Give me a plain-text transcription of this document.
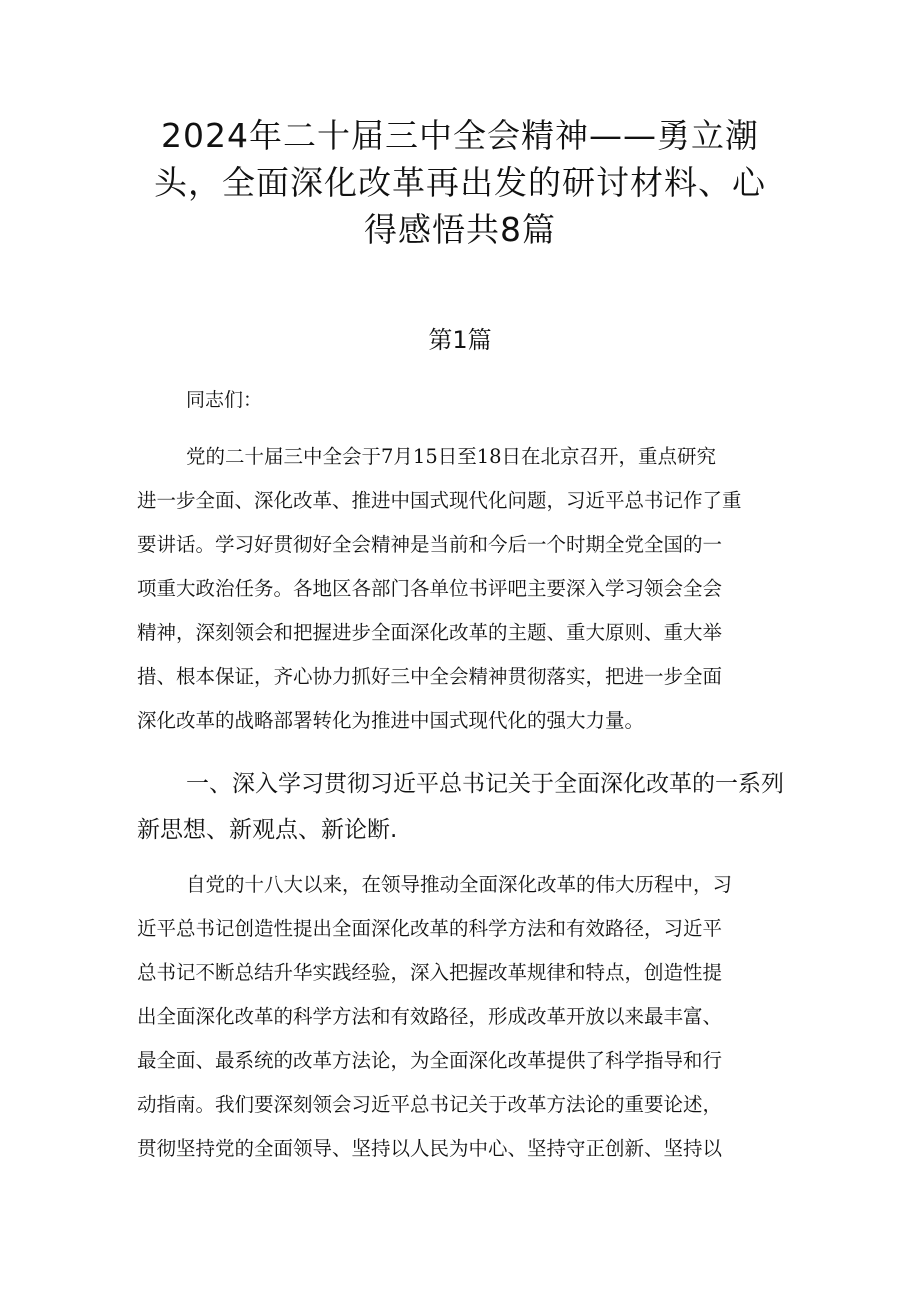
2024年二十届三中全会精神——勇立潮
头，全面深化改革再出发的研讨材料、心
得感悟共8篇
第1篇

同志们：

党的二十届三中全会于7月15日至18日在北京召开，重点研究

进一步全面、深化改革、推进中国式现代化问题，习近平总书记作了重

要讲话。学习好贯彻好全会精神是当前和今后一个时期全党全国的一

项重大政治任务。各地区各部门各单位书评吧主要深入学习领会全会

精神，深刻领会和把握进步全面深化改革的主题、重大原则、重大举

措、根本保证，齐心协力抓好三中全会精神贯彻落实，把进一步全面

深化改革的战略部署转化为推进中国式现代化的强大力量。

一、深入学习贯彻习近平总书记关于全面深化改革的一系列

新思想、新观点、新论断.

自党的十八大以来，在领导推动全面深化改革的伟大历程中，习

近平总书记创造性提出全面深化改革的科学方法和有效路径，习近平

总书记不断总结升华实践经验，深入把握改革规律和特点，创造性提

出全面深化改革的科学方法和有效路径，形成改革开放以来最丰富、

最全面、最系统的改革方法论，为全面深化改革提供了科学指导和行

动指南。我们要深刻领会习近平总书记关于改革方法论的重要论述，

贯彻坚持党的全面领导、坚持以人民为中心、坚持守正创新、坚持以
